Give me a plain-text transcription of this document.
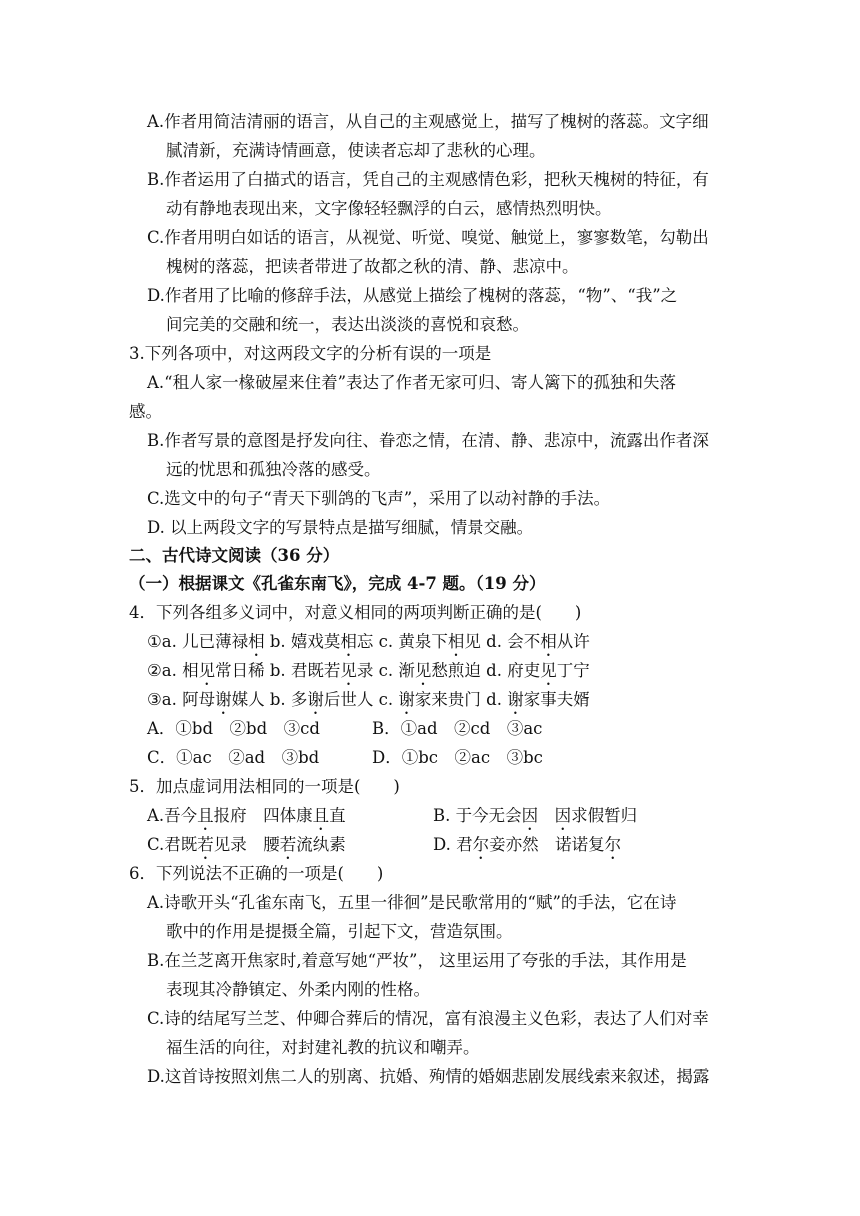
A.作者用简洁清丽的语言，从自己的主观感觉上，描写了槐树的落蕊。文字细
腻清新，充满诗情画意，使读者忘却了悲秋的心理。
B.作者运用了白描式的语言，凭自己的主观感情色彩，把秋天槐树的特征，有
动有静地表现出来，文字像轻轻飘浮的白云，感情热烈明快。
C.作者用明白如话的语言，从视觉、听觉、嗅觉、触觉上，寥寥数笔，勾勒出
槐树的落蕊，把读者带进了故都之秋的清、静、悲凉中。
D.作者用了比喻的修辞手法，从感觉上描绘了槐树的落蕊，“物”、“我”之
间完美的交融和统一，表达出淡淡的喜悦和哀愁。
3.下列各项中，对这两段文字的分析有误的一项是
A.“租人家一椽破屋来住着”表达了作者无家可归、寄人篱下的孤独和失落
感。
B.作者写景的意图是抒发向往、眷恋之情，在清、静、悲凉中，流露出作者深
远的忧思和孤独冷落的感受。
C.选文中的句子“青天下驯鸽的飞声”，采用了以动衬静的手法。
D. 以上两段文字的写景特点是描写细腻，情景交融。
二、古代诗文阅读（36 分）
（一）根据课文《孔雀东南飞》，完成 4-7 题。（19 分）
4．下列各组多义词中，对意义相同的两项判断正确的是(　　)
①a. 儿已薄禄相 b. 嬉戏莫相忘 c. 黄泉下相见 d. 会不相从许
②a. 相见常日稀 b. 君既若见录 c. 渐见愁煎迫 d. 府吏见丁宁
③a. 阿母谢媒人 b. 多谢后世人 c. 谢家来贵门 d. 谢家事夫婿
A．①bd　②bd　③cd	B．①ad　②cd　③ac
C．①ac　②ad　③bd	D．①bc　②ac　③bc
5．加点虚词用法相同的一项是(　　)
A.吾今且报府　四体康且直	B. 于今无会因　 因求假暂归
C.君既若见录　腰若流纨素	D. 君尔妾亦然　诺诺复尔
6．下列说法不正确的一项是(　　)
A.诗歌开头“孔雀东南飞，五里一徘徊”是民歌常用的“赋”的手法，它在诗
歌中的作用是提摄全篇，引起下文，营造氛围。
B.在兰芝离开焦家时,着意写她“严妆”， 这里运用了夸张的手法，其作用是
表现其冷静镇定、外柔内刚的性格。
C.诗的结尾写兰芝、仲卿合葬后的情况，富有浪漫主义色彩，表达了人们对幸
福生活的向往，对封建礼教的抗议和嘲弄。
D.这首诗按照刘焦二人的别离、抗婚、殉情的婚姻悲剧发展线索来叙述，揭露
